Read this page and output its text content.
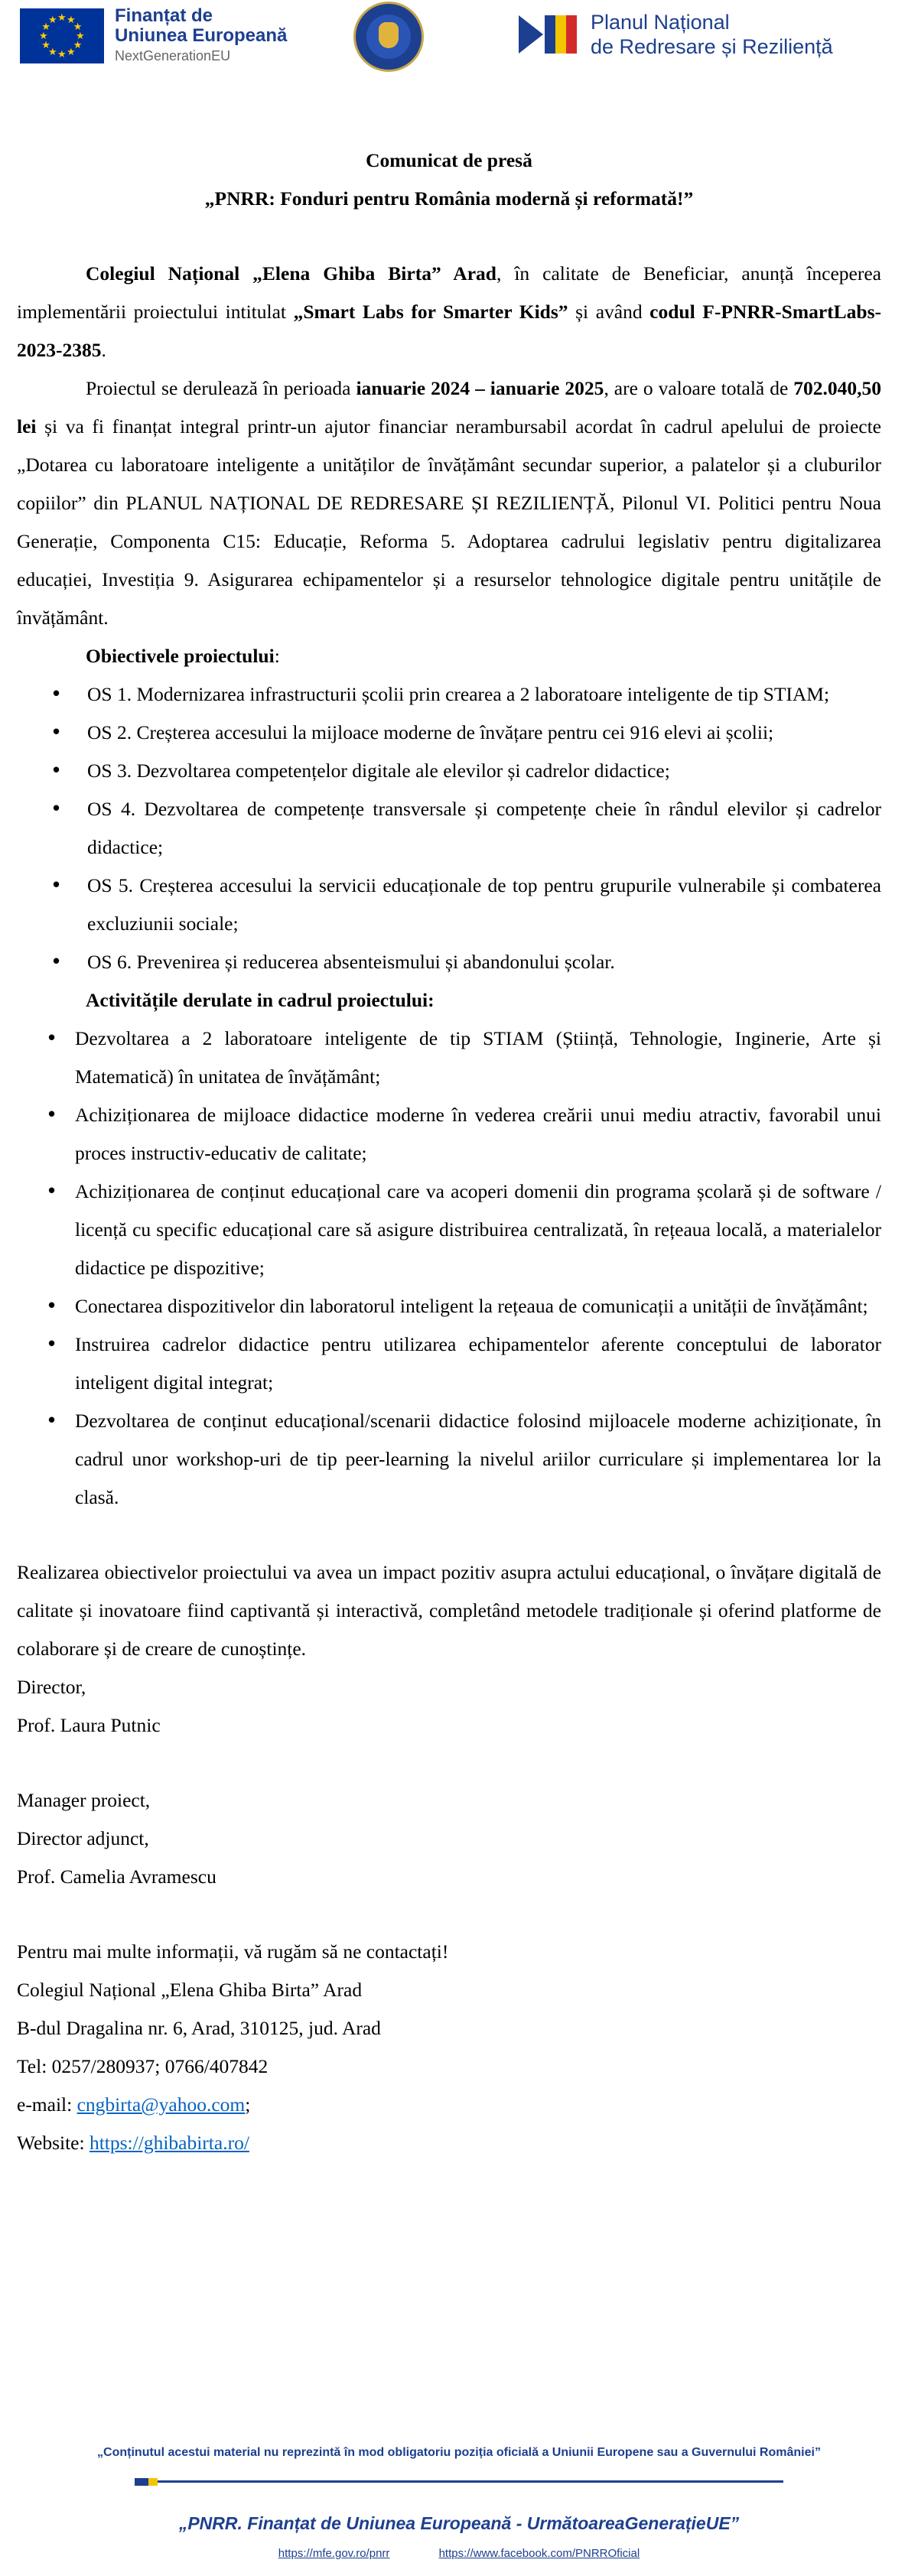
★
★
★
★
★
★
★
★
★ ★ ★
★
Finanțat de
Uniunea Europeană
NextGenerationEU
Planul Național
de Redresare și Reziliență
Comunicat de presă
„PNRR: Fonduri pentru România modernă și reformată!”
Colegiul Național „Elena Ghiba Birta” Arad, în calitate de Beneficiar, anunță începerea implementării proiectului intitulat „Smart Labs for Smarter Kids” și având codul F-PNRR-SmartLabs-2023-2385.
Proiectul se derulează în perioada ianuarie 2024 – ianuarie 2025, are o valoare totală de 702.040,50 lei și va fi finanțat integral printr-un ajutor financiar nerambursabil acordat în cadrul apelului de proiecte „Dotarea cu laboratoare inteligente a unităților de învățământ secundar superior, a palatelor și a cluburilor copiilor” din PLANUL NAȚIONAL DE REDRESARE ȘI REZILIENȚĂ, Pilonul VI. Politici pentru Noua Generație, Componenta C15: Educație, Reforma 5. Adoptarea cadrului legislativ pentru digitalizarea educației, Investiția 9. Asigurarea echipamentelor și a resurselor tehnologice digitale pentru unitățile de învățământ.
Obiectivele proiectului:
• OS 1. Modernizarea infrastructurii școlii prin crearea a 2 laboratoare inteligente de tip STIAM;
• OS 2. Creșterea accesului la mijloace moderne de învățare pentru cei 916 elevi ai școlii;
• OS 3. Dezvoltarea competențelor digitale ale elevilor și cadrelor didactice;
• OS 4. Dezvoltarea de competențe transversale și competențe cheie în rândul elevilor și cadrelor didactice;
• OS 5. Creșterea accesului la servicii educaționale de top pentru grupurile vulnerabile și combaterea excluziunii sociale;
• OS 6. Prevenirea și reducerea absenteismului și abandonului școlar.
Activitățile derulate in cadrul proiectului:
• Dezvoltarea a 2 laboratoare inteligente de tip STIAM (Știință, Tehnologie, Inginerie, Arte și Matematică) în unitatea de învățământ;
• Achiziționarea de mijloace didactice moderne în vederea creării unui mediu atractiv, favorabil unui proces instructiv-educativ de calitate;
• Achiziționarea de conținut educațional care va acoperi domenii din programa școlară și de software / licență cu specific educațional care să asigure distribuirea centralizată, în rețeaua locală, a materialelor didactice pe dispozitive;
• Conectarea dispozitivelor din laboratorul inteligent la rețeaua de comunicații a unității de învățământ;
• Instruirea cadrelor didactice pentru utilizarea echipamentelor aferente conceptului de laborator inteligent digital integrat;
• Dezvoltarea de conținut educațional/scenarii didactice folosind mijloacele moderne achiziționate, în cadrul unor workshop-uri de tip peer-learning la nivelul ariilor curriculare și implementarea lor la clasă.
Realizarea obiectivelor proiectului va avea un impact pozitiv asupra actului educațional, o învățare digitală de calitate și inovatoare fiind captivantă și interactivă, completând metodele tradiționale și oferind platforme de colaborare și de creare de cunoștințe.
Director,
Prof. Laura Putnic
Manager proiect,
Director adjunct,
Prof. Camelia Avramescu
Pentru mai multe informații, vă rugăm să ne contactați!
Colegiul Național „Elena Ghiba Birta” Arad
B-dul Dragalina nr. 6, Arad, 310125, jud. Arad
Tel: 0257/280937; 0766/407842
e-mail: cngbirta@yahoo.com;
Website: https://ghibabirta.ro/
„Conținutul acestui material nu reprezintă în mod obligatoriu poziția oficială a Uniunii Europene sau a Guvernului României”
„PNRR. Finanțat de Uniunea Europeană - UrmătoareaGenerațieUE”
https://mfe.gov.ro/pnrr	https://www.facebook.com/PNRROficial
